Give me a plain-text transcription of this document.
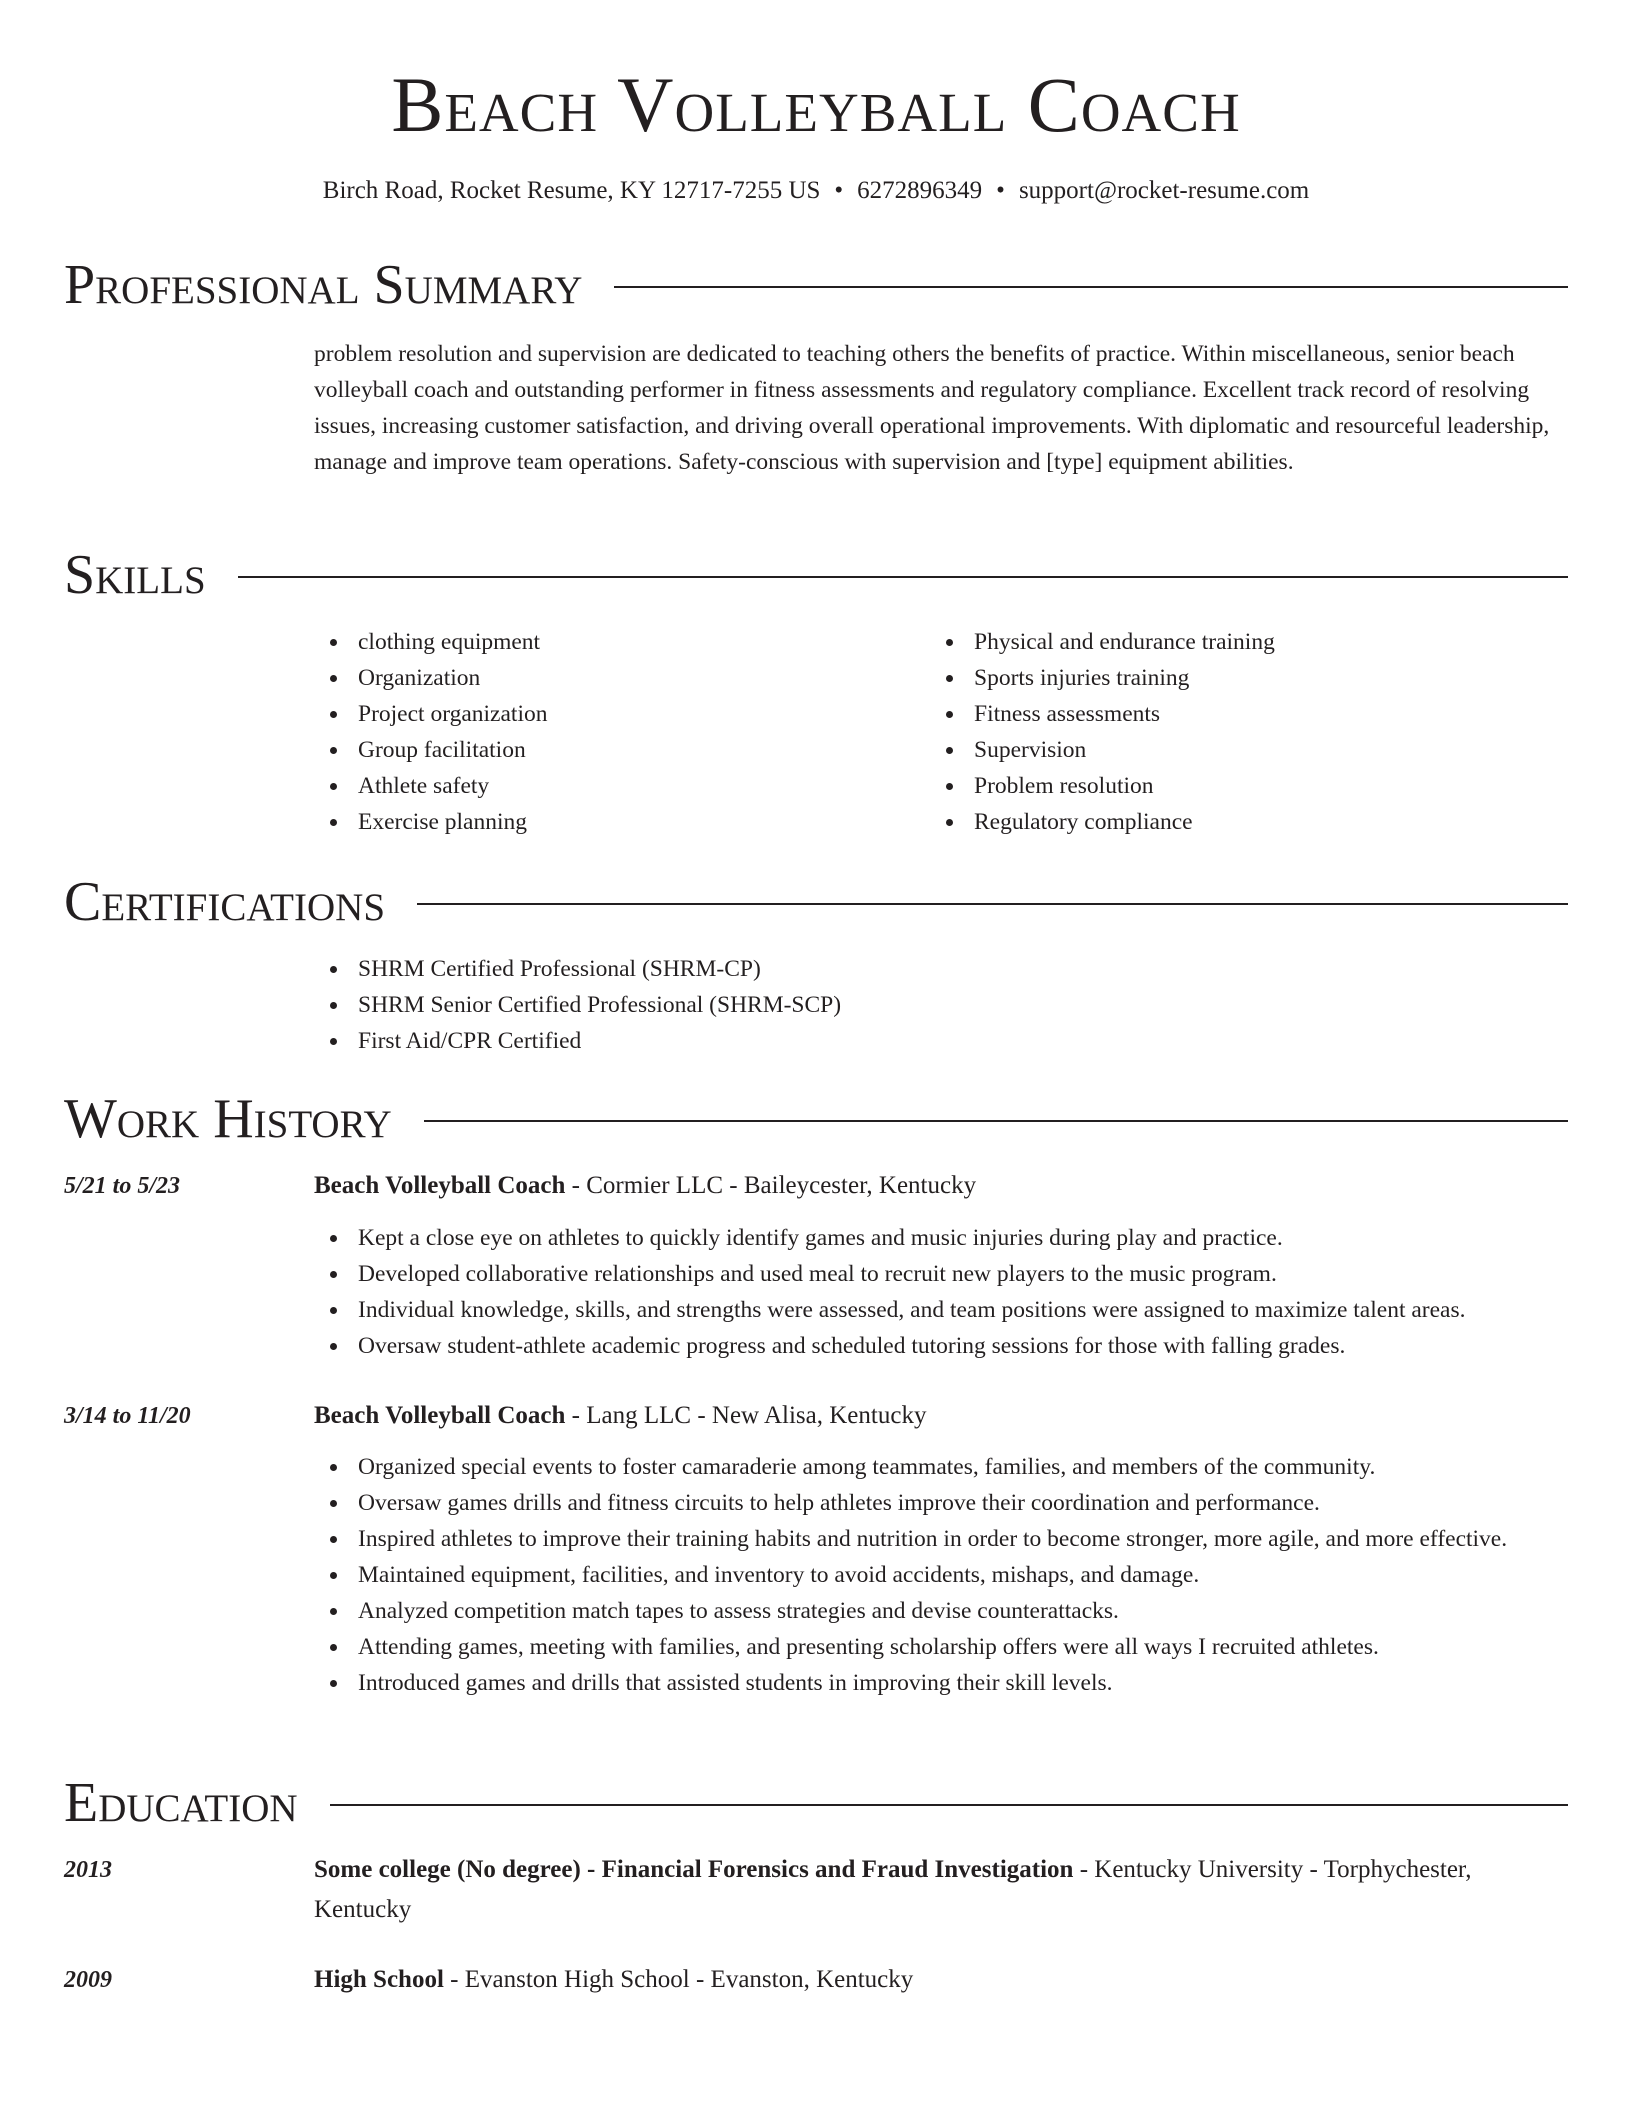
Beach Volleyball Coach
Birch Road, Rocket Resume, KY 12717-7255 US • 6272896349 • support@rocket-resume.com
Professional Summary
problem resolution and supervision are dedicated to teaching others the benefits of practice. Within miscellaneous, senior beach volleyball coach and outstanding performer in fitness assessments and regulatory compliance. Excellent track record of resolving issues, increasing customer satisfaction, and driving overall operational improvements. With diplomatic and resourceful leadership, manage and improve team operations. Safety-conscious with supervision and [type] equipment abilities.
Skills
clothing equipment
Organization
Project organization
Group facilitation
Athlete safety
Exercise planning
Physical and endurance training
Sports injuries training
Fitness assessments
Supervision
Problem resolution
Regulatory compliance
Certifications
SHRM Certified Professional (SHRM-CP)
SHRM Senior Certified Professional (SHRM-SCP)
First Aid/CPR Certified
Work History
5/21 to 5/23	Beach Volleyball Coach - Cormier LLC - Baileycester, Kentucky
Kept a close eye on athletes to quickly identify games and music injuries during play and practice.
Developed collaborative relationships and used meal to recruit new players to the music program.
Individual knowledge, skills, and strengths were assessed, and team positions were assigned to maximize talent areas.
Oversaw student-athlete academic progress and scheduled tutoring sessions for those with falling grades.
3/14 to 11/20	Beach Volleyball Coach - Lang LLC - New Alisa, Kentucky
Organized special events to foster camaraderie among teammates, families, and members of the community.
Oversaw games drills and fitness circuits to help athletes improve their coordination and performance.
Inspired athletes to improve their training habits and nutrition in order to become stronger, more agile, and more effective.
Maintained equipment, facilities, and inventory to avoid accidents, mishaps, and damage.
Analyzed competition match tapes to assess strategies and devise counterattacks.
Attending games, meeting with families, and presenting scholarship offers were all ways I recruited athletes.
Introduced games and drills that assisted students in improving their skill levels.
Education
2013	Some college (No degree) - Financial Forensics and Fraud Investigation - Kentucky University - Torphychester, Kentucky
2009	High School - Evanston High School - Evanston, Kentucky
